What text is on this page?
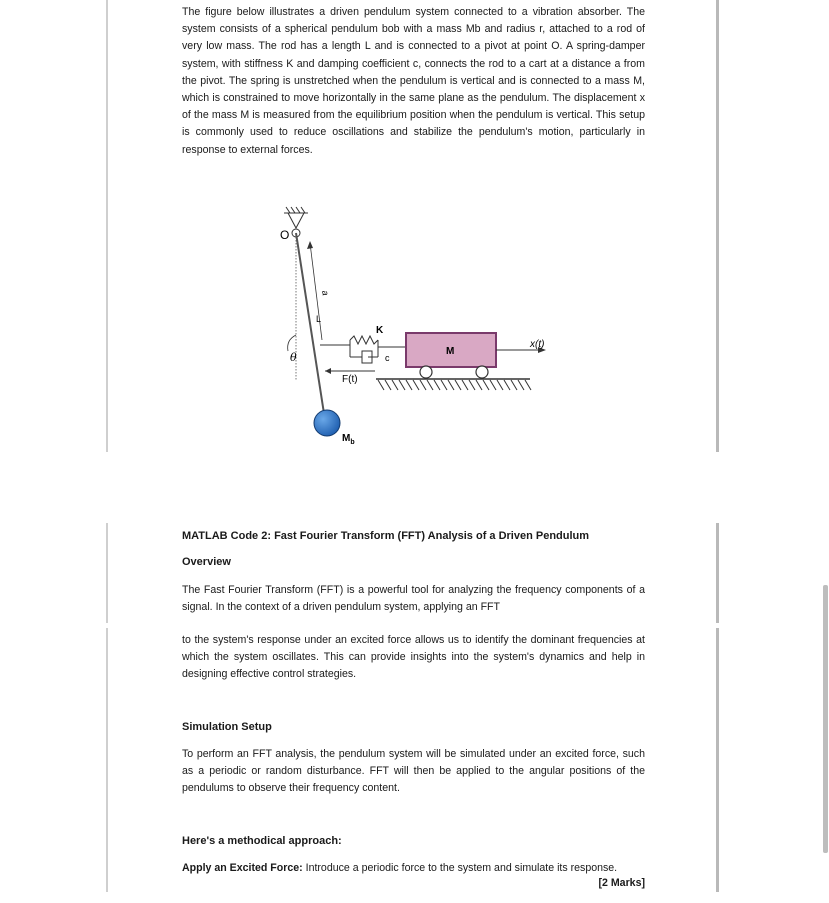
The figure below illustrates a driven pendulum system connected to a vibration absorber. The system consists of a spherical pendulum bob with a mass Mb and radius r, attached to a rod of very low mass. The rod has a length L and is connected to a pivot at point O. A spring-damper system, with stiffness K and damping coefficient c, connects the rod to a cart at a distance a from the pivot. The spring is unstretched when the pendulum is vertical and is connected to a mass M, which is constrained to move horizontally in the same plane as the pendulum. The displacement x of the mass M is measured from the equilibrium position when the pendulum is vertical. This setup is commonly used to reduce oscillations and stabilize the pendulum's motion, particularly in response to external forces.

O
a
L
θ
K
c
F(t)
M
x(t)
$M_b$

MATLAB Code 2: Fast Fourier Transform (FFT) Analysis of a Driven Pendulum

Overview

The Fast Fourier Transform (FFT) is a powerful tool for analyzing the frequency components of a signal. In the context of a driven pendulum system, applying an FFT

to the system's response under an excited force allows us to identify the dominant frequencies at which the system oscillates. This can provide insights into the system's dynamics and help in designing effective control strategies.

Simulation Setup

To perform an FFT analysis, the pendulum system will be simulated under an excited force, such as a periodic or random disturbance. FFT will then be applied to the angular positions of the pendulums to observe their frequency content.

Here's a methodical approach:

Apply an Excited Force: Introduce a periodic force to the system and simulate its response.

[2 Marks]
